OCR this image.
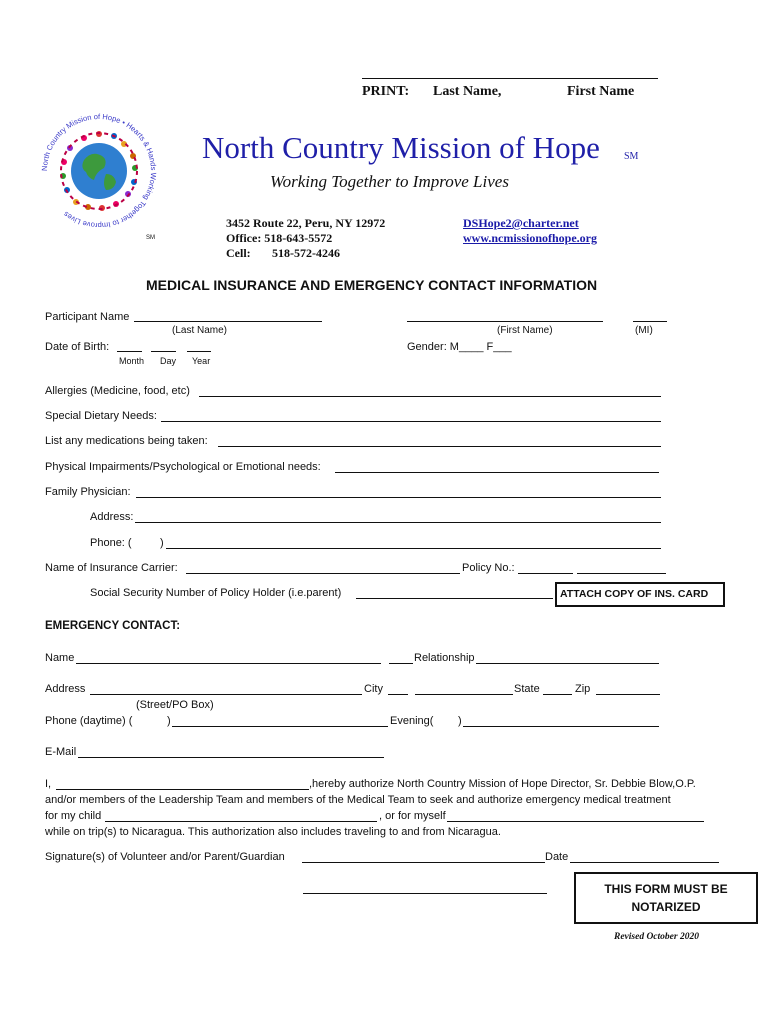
PRINT: Last Name,	First Name
North Country Mission of Hope • Hearts & Hands Working Together to Improve Lives
SM
North Country Mission of Hope SM
Working Together to Improve Lives
3452 Route 22, Peru, NY 12972
Office: 518-643-5572
Cell: 518-572-4246
DSHope2@charter.net
www.ncmissionofhope.org
MEDICAL INSURANCE AND EMERGENCY CONTACT INFORMATION
Participant Name
(Last Name)	(First Name)	(MI)
Date of Birth:
Month Day Year
Gender: M____ F___
Allergies (Medicine, food, etc)
Special Dietary Needs:
List any medications being taken:
Physical Impairments/Psychological or Emotional needs:
Family Physician:
Address:
Phone: (	)
Name of Insurance Carrier:	Policy No.:
Social Security Number of Policy Holder (i.e.parent)	ATTACH COPY OF INS. CARD
EMERGENCY CONTACT:
Name	Relationship
Address	City	State	Zip
(Street/PO Box)
Phone (daytime) (	)	Evening( )
E-Mail
I,	,hereby authorize North Country Mission of Hope Director, Sr. Debbie Blow,O.P.
and/or members of the Leadership Team and members of the Medical Team to seek and authorize emergency medical treatment
for my child	, or for myself
while on trip(s) to Nicaragua. This authorization also includes traveling to and from Nicaragua.
Signature(s) of Volunteer and/or Parent/Guardian	Date
THIS FORM MUST BE
NOTARIZED
Revised October 2020
